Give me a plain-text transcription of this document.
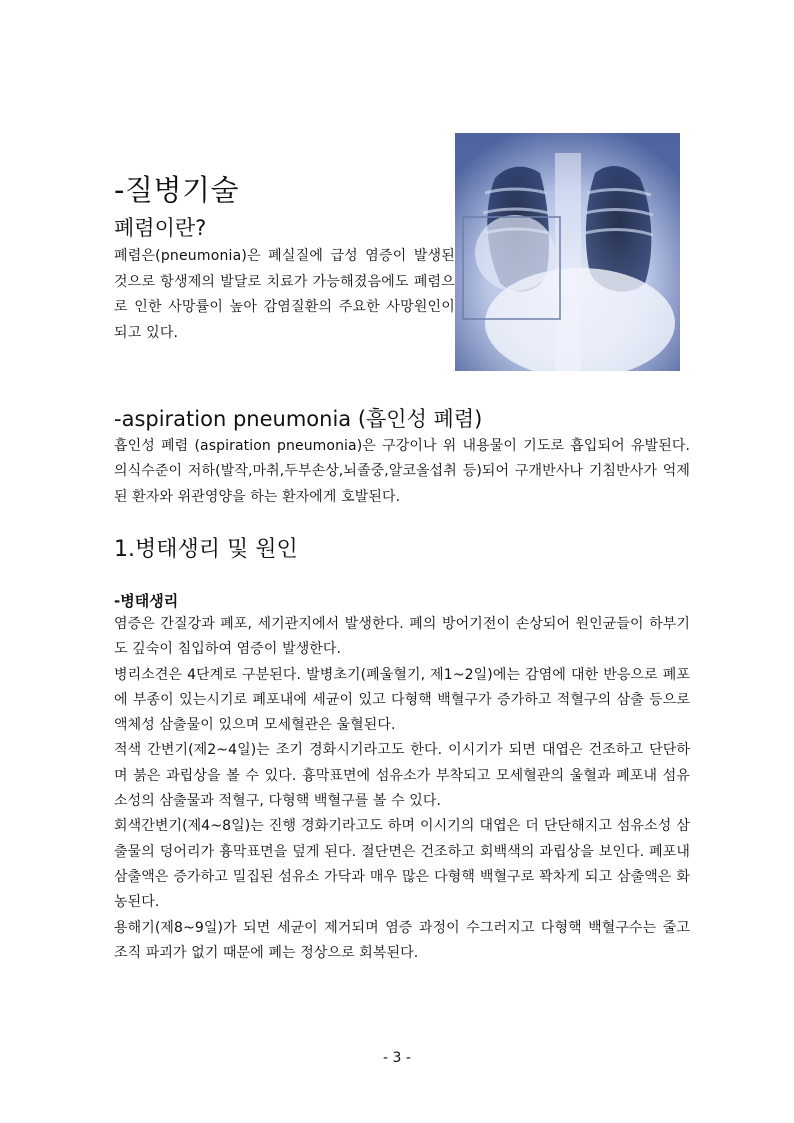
-질병기술
폐렴이란?
폐렴은(pneumonia)은 폐실질에 급성 염증이 발생된 것으로 항생제의 발달로 치료가 가능해졌음에도 폐렴으로 인한 사망률이 높아 감염질환의 주요한 사망원인이 되고 있다.
-aspiration pneumonia (흡인성 폐렴)
흡인성 폐렴 (aspiration pneumonia)은 구강이나 위 내용물이 기도로 흡입되어 유발된다. 의식수준이 저하(발작,마취,두부손상,뇌졸중,알코올섭취 등)되어 구개반사나 기침반사가 억제된 환자와 위관영양을 하는 환자에게 호발된다.
1.병태생리 및 원인
-병태생리

염증은 간질강과 폐포, 세기관지에서 발생한다. 폐의 방어기전이 손상되어 원인균들이 하부기도 깊숙이 침입하여 염증이 발생한다.

병리소견은 4단계로 구분된다. 발병초기(폐울혈기, 제1~2일)에는 감염에 대한 반응으로 폐포에 부종이 있는시기로 폐포내에 세균이 있고 다형핵 백혈구가 증가하고 적혈구의 삼출 등으로 액체성 삼출물이 있으며 모세혈관은 울혈된다.

적색 간변기(제2~4일)는 조기 경화시기라고도 한다. 이시기가 되면 대엽은 건조하고 단단하며 붉은 과립상을 볼 수 있다. 흉막표면에 섬유소가 부착되고 모세혈관의 울혈과 폐포내 섬유소성의 삼출물과 적혈구, 다형핵 백혈구를 볼 수 있다.

회색간변기(제4~8일)는 진행 경화기라고도 하며 이시기의 대엽은 더 단단해지고 섬유소성 삼출물의 덩어리가 흉막표면을 덮게 된다. 절단면은 건조하고 회백색의 과립상을 보인다. 폐포내 삼출액은 증가하고 밀집된 섬유소 가닥과 매우 많은 다형핵 백혈구로 꽉차게 되고 삼출액은 화농된다.

용해기(제8~9일)가 되면 세균이 제거되며 염증 과정이 수그러지고 다형핵 백혈구수는 줄고 조직 파괴가 없기 때문에 폐는 정상으로 회복된다.

- 3 -
